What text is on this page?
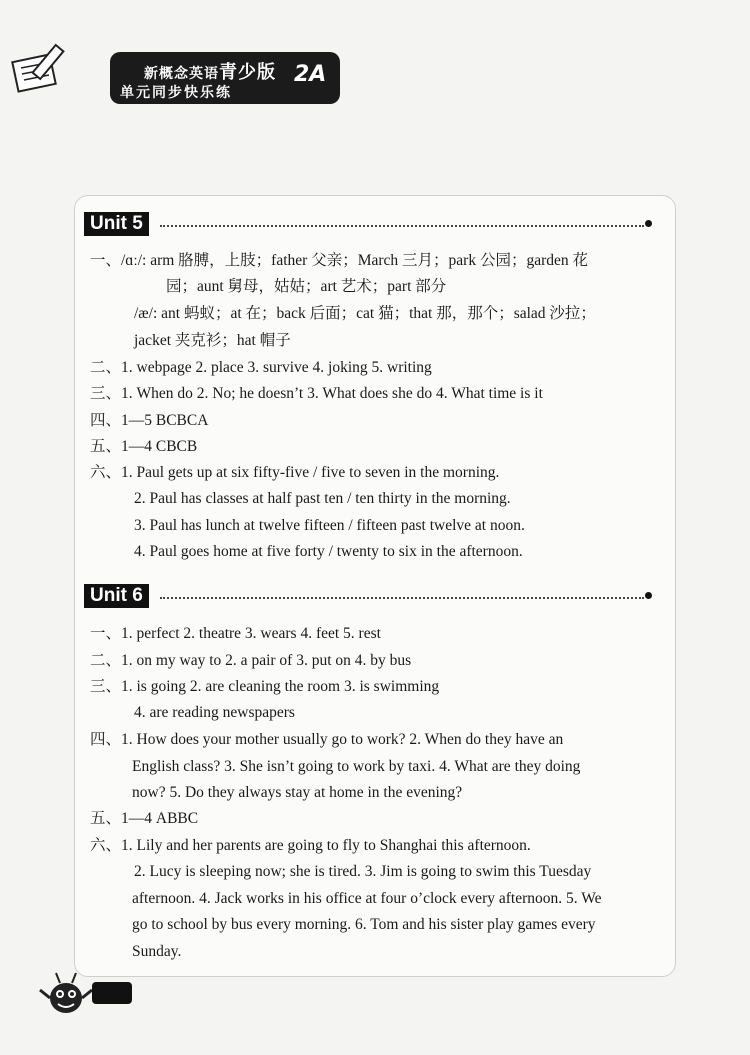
新概念英语青少版
单元同步快乐练
2A
Unit 5
一、/ɑː/: arm 胳膊，上肢；father 父亲；March 三月；park 公园；garden 花
园；aunt 舅母，姑姑；art 艺术；part 部分
/æ/: ant 蚂蚁；at 在；back 后面；cat 猫；that 那，那个；salad 沙拉；
jacket 夹克衫；hat 帽子
二、1. webpage 2. place 3. survive 4. joking 5. writing
三、1. When do 2. No; he doesn’t 3. What does she do 4. What time is it
四、1—5 BCBCA
五、1—4 CBCB
六、1. Paul gets up at six fifty-five / five to seven in the morning.
2. Paul has classes at half past ten / ten thirty in the morning.
3. Paul has lunch at twelve fifteen / fifteen past twelve at noon.
4. Paul goes home at five forty / twenty to six in the afternoon.
Unit 6
一、1. perfect 2. theatre 3. wears 4. feet 5. rest
二、1. on my way to 2. a pair of 3. put on 4. by bus
三、1. is going 2. are cleaning the room 3. is swimming
4. are reading newspapers
四、1. How does your mother usually go to work? 2. When do they have an
English class? 3. She isn’t going to work by taxi. 4. What are they doing
now? 5. Do they always stay at home in the evening?
五、1—4 ABBC
六、1. Lily and her parents are going to fly to Shanghai this afternoon.
2. Lucy is sleeping now; she is tired. 3. Jim is going to swim this Tuesday
afternoon. 4. Jack works in his office at four o’clock every afternoon. 5. We
go to school by bus every morning. 6. Tom and his sister play games every
Sunday.
